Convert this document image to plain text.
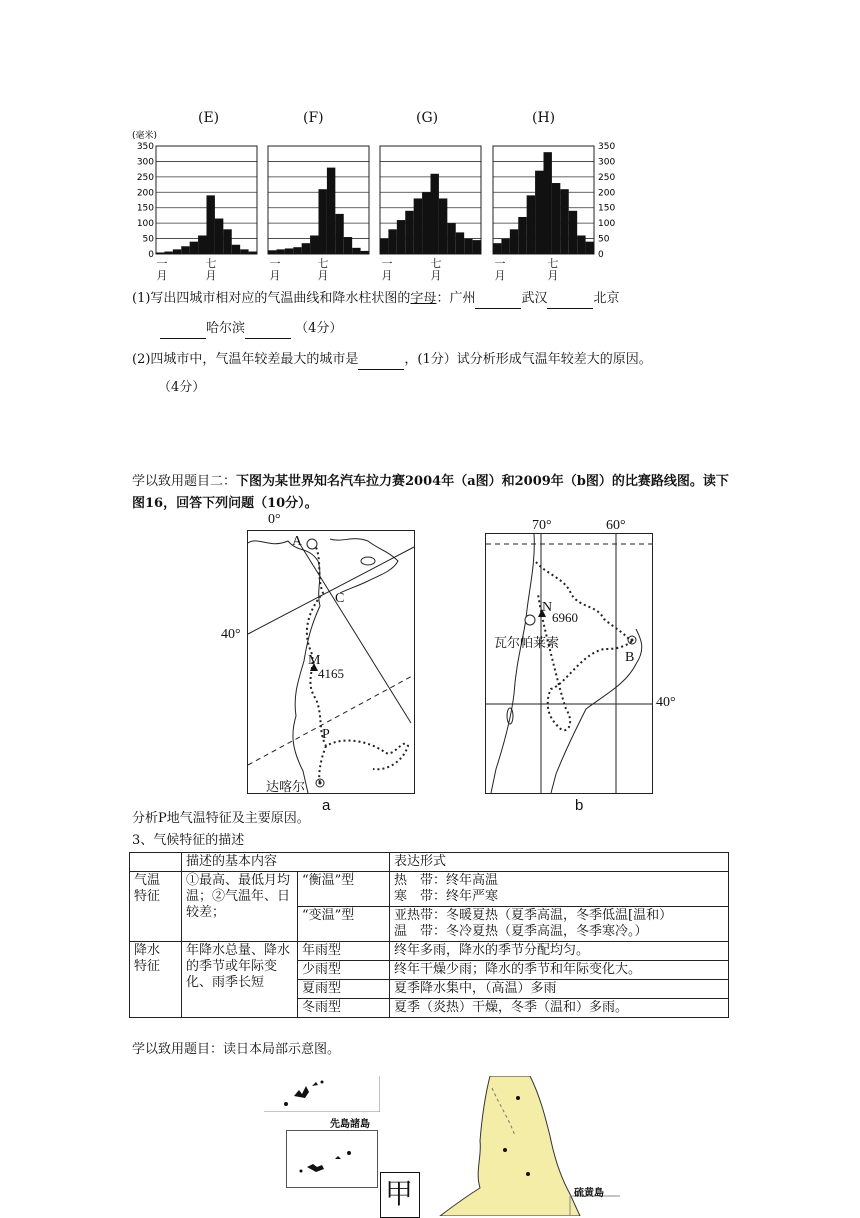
(E)	(F)	(G)	(H)
(毫米)
350
300
250
200
150
100
50
0
350
300
250
200
150
100
50
0
一 月
七 月
一 月
七 月
一 月
七 月
一 月
七 月
(1)写出四城市相对应的气温曲线和降水柱状图的字母：广州	武汉	北京
哈尔滨	（4分）
(2)四城市中，气温年较差最大的城市是	，(1分）试分析形成气温年较差大的原因。
（4分）
学以致用题目二：下图为某世界知名汽车拉力赛2004年（a图）和2009年（b图）的比赛路线图。读下图16，回答下列问题（10分）。
A
C
M
4165
P
达喀尔
0°
40°
a
N
6960
瓦尔帕莱索
B
70°	60°
40°
b
分析P地气温特征及主要原因。
3、气候特征的描述
	描述的基本内容		表达形式
气温
特征	①最高、最低月均温；②气温年、日较差；	“衡温”型	热　带：终年高温
寒　带：终年严寒
		“变温”型	亚热带：冬暖夏热（夏季高温，冬季低温[温和）
温　带：冬冷夏热（夏季高温，冬季寒冷。）
降水
特征	年降水总量、降水的季节或年际变化、雨季长短	年雨型	终年多雨，降水的季节分配均匀。
		少雨型	终年干燥少雨；降水的季节和年际变化大。
		夏雨型	夏季降水集中，（高温）多雨
		冬雨型	夏季（炎热）干燥，冬季（温和）多雨。
学以致用题目：读日本局部示意图。
先島諸島
甲	硫黄島
